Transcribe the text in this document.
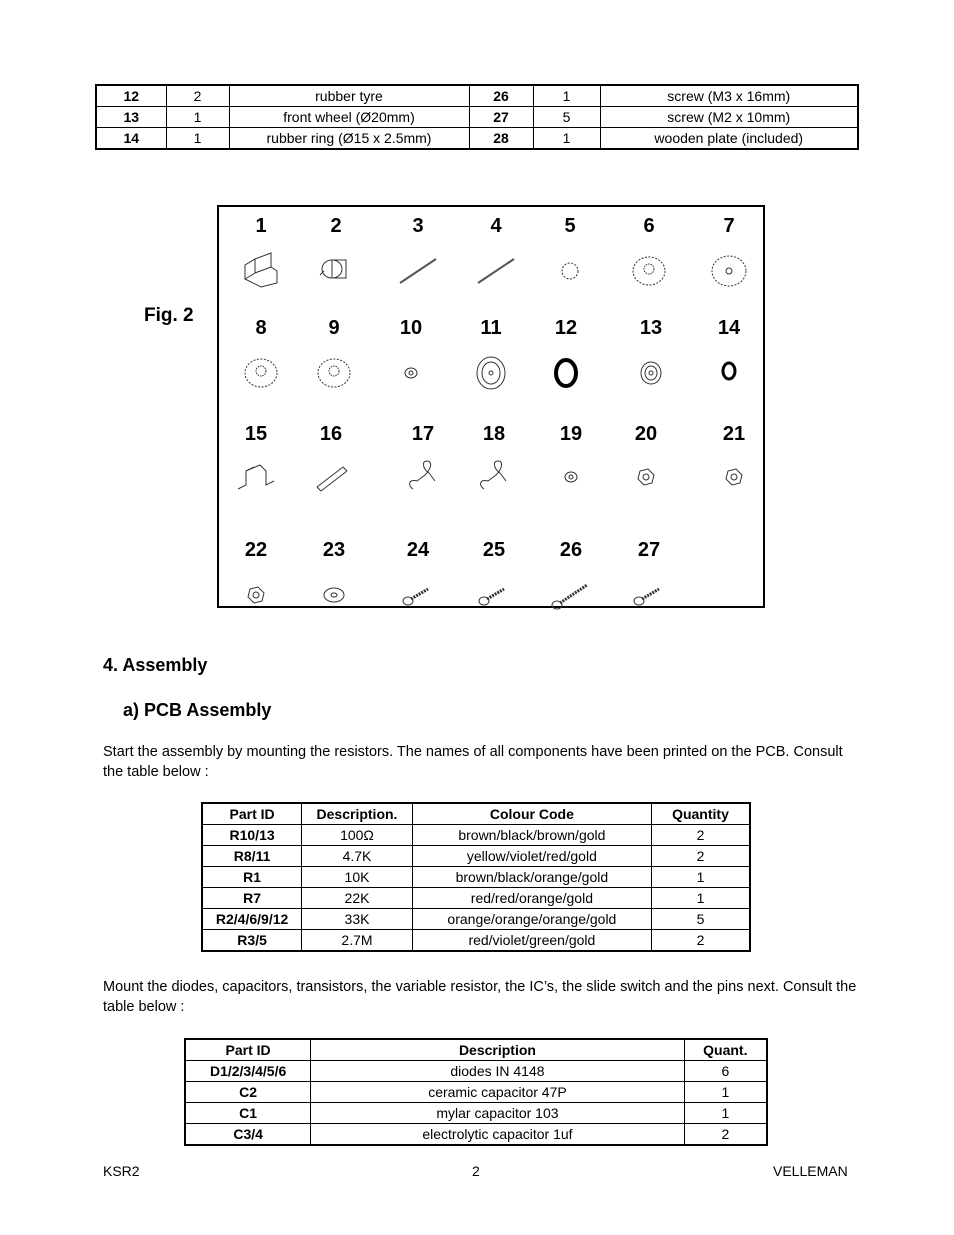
12	2	rubber tyre	26	1	screw (M3 x 16mm)
13	1	front wheel (Ø20mm)	27	5	screw (M2 x 10mm)
14	1	rubber ring (Ø15 x 2.5mm)	28	1	wooden plate (included)
Fig. 2
1	2	3	4	5	6	7
8	9	10	11	12	13	14
15	16	17	18	19	20	21
22	23	24	25	26	27
4. Assembly
a) PCB Assembly
Start the assembly by mounting the resistors. The names of all components have been printed on the PCB. Consult the table below :
Part ID	Description.	Colour Code	Quantity
R10/13	100Ω	brown/black/brown/gold	2
R8/11	4.7K	yellow/violet/red/gold	2
R1	10K	brown/black/orange/gold	1
R7	22K	red/red/orange/gold	1
R2/4/6/9/12	33K	orange/orange/orange/gold	5
R3/5	2.7M	red/violet/green/gold	2
Mount the diodes, capacitors, transistors, the variable resistor, the IC’s, the slide switch and the pins next. Consult the table below :
Part ID	Description	Quant.
D1/2/3/4/5/6	diodes IN 4148	6
C2	ceramic capacitor 47P	1
C1	mylar capacitor 103	1
C3/4	electrolytic capacitor 1uf	2
KSR2	2	VELLEMAN
